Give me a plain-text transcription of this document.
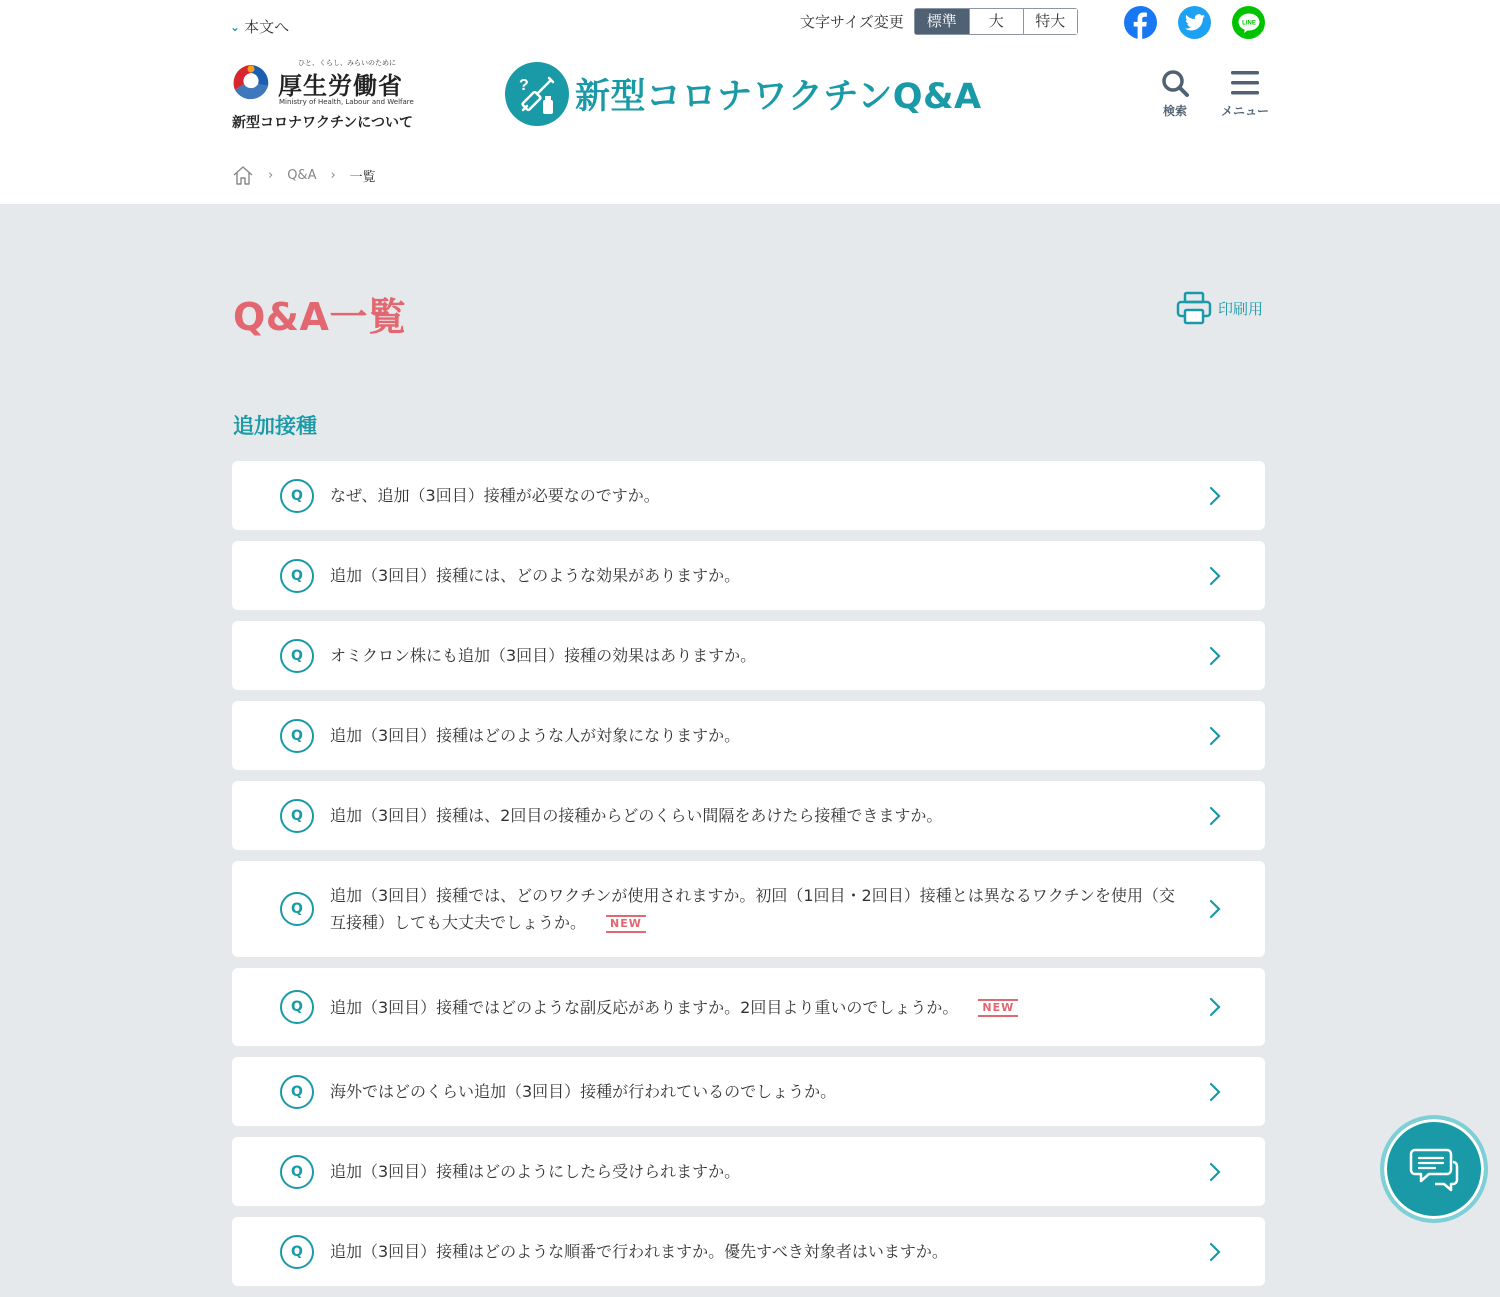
⌄ 本文へ	文字サイズ変更	標準	大	特大	LINE
ひと、くらし、みらいのために
厚生労働省
Ministry of Health, Labour and Welfare
新型コロナワクチンについて
? 新型コロナワクチンQ&A	検索	メニュー
› Q&A › 一覧
Q&A一覧	印刷用
追加接種
Q	なぜ、追加（3回目）接種が必要なのですか。
Q	追加（3回目）接種には、どのような効果がありますか。
Q	オミクロン株にも追加（3回目）接種の効果はありますか。
Q	追加（3回目）接種はどのような人が対象になりますか。
Q	追加（3回目）接種は、2回目の接種からどのくらい間隔をあけたら接種できますか。
Q
追加（3回目）接種では、どのワクチンが使用されますか。初回（1回目・2回目）接種とは異なるワクチンを使用（交互接種）しても大丈夫でしょうか。 NEW
Q	追加（3回目）接種ではどのような副反応がありますか。2回目より重いのでしょうか。 NEW
Q	海外ではどのくらい追加（3回目）接種が行われているのでしょうか。
Q	追加（3回目）接種はどのようにしたら受けられますか。
Q	追加（3回目）接種はどのような順番で行われますか。優先すべき対象者はいますか。
